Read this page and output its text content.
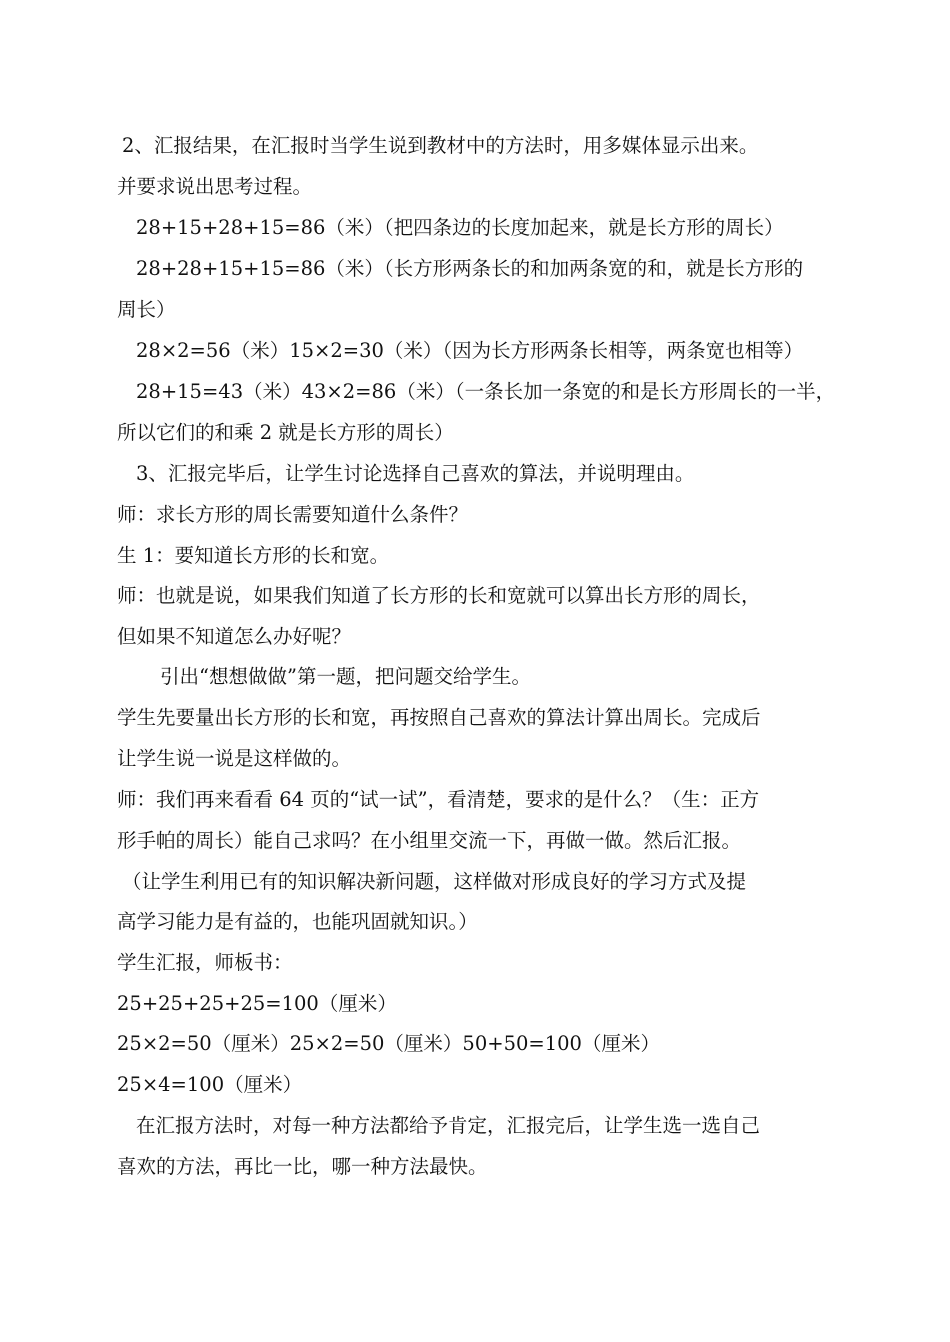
2、汇报结果，在汇报时当学生说到教材中的方法时，用多媒体显示出来。
并要求说出思考过程。
28+15+28+15=86（米）（把四条边的长度加起来，就是长方形的周长）
28+28+15+15=86（米）（长方形两条长的和加两条宽的和，就是长方形的
周长）
28×2=56（米）15×2=30（米）（因为长方形两条长相等，两条宽也相等）
28+15=43（米）43×2=86（米）（一条长加一条宽的和是长方形周长的一半，
所以它们的和乘 2 就是长方形的周长）
3、汇报完毕后，让学生讨论选择自己喜欢的算法，并说明理由。
师：求长方形的周长需要知道什么条件？
生 1：要知道长方形的长和宽。
师：也就是说，如果我们知道了长方形的长和宽就可以算出长方形的周长，
但如果不知道怎么办好呢？
引出“想想做做”第一题，把问题交给学生。
学生先要量出长方形的长和宽，再按照自己喜欢的算法计算出周长。完成后
让学生说一说是这样做的。
师：我们再来看看 64 页的“试一试”，看清楚，要求的是什么？（生：正方
形手帕的周长）能自己求吗？在小组里交流一下，再做一做。然后汇报。
（让学生利用已有的知识解决新问题，这样做对形成良好的学习方式及提
高学习能力是有益的，也能巩固就知识。）
学生汇报，师板书：
25+25+25+25=100（厘米）
25×2=50（厘米）25×2=50（厘米）50+50=100（厘米）
25×4=100（厘米）
在汇报方法时，对每一种方法都给予肯定，汇报完后，让学生选一选自己
喜欢的方法，再比一比，哪一种方法最快。
